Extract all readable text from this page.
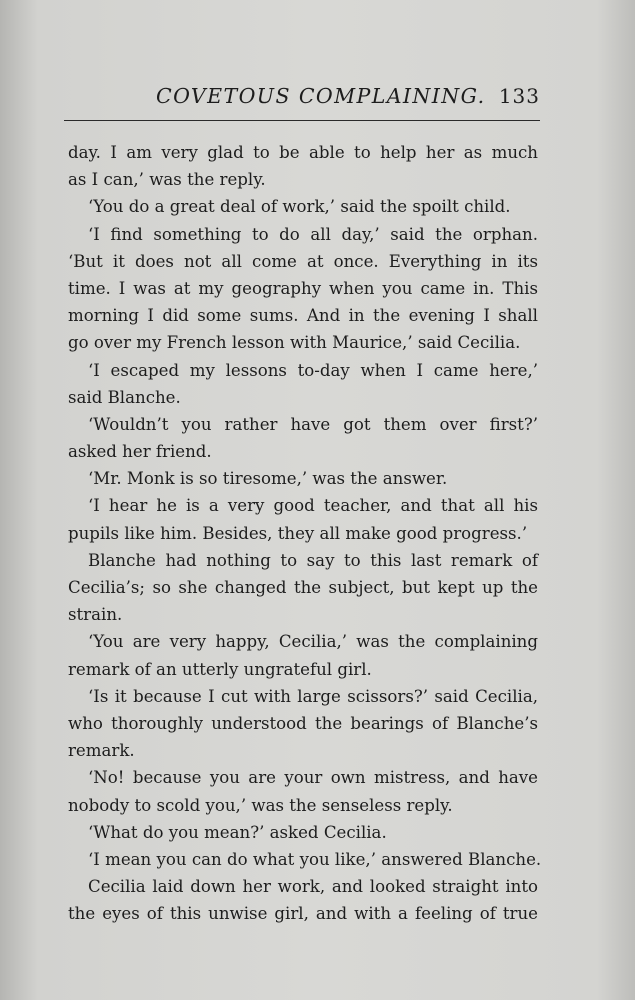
COVETOUS COMPLAINING. 133
day. I am very glad to be able to help her as much
as I can,’ was the reply.
‘You do a great deal of work,’ said the spoilt child.
‘I find something to do all day,’ said the orphan.
‘But it does not all come at once. Everything in its
time. I was at my geography when you came in. This
morning I did some sums. And in the evening I shall
go over my French lesson with Maurice,’ said Cecilia.
‘I escaped my lessons to-day when I came here,’
said Blanche.
‘Wouldn’t you rather have got them over first?’
asked her friend.
‘Mr. Monk is so tiresome,’ was the answer.
‘I hear he is a very good teacher, and that all his
pupils like him. Besides, they all make good progress.’
Blanche had nothing to say to this last remark of
Cecilia’s; so she changed the subject, but kept up the
strain.
‘You are very happy, Cecilia,’ was the complaining
remark of an utterly ungrateful girl.
‘Is it because I cut with large scissors?’ said Cecilia,
who thoroughly understood the bearings of Blanche’s
remark.
‘No! because you are your own mistress, and have
nobody to scold you,’ was the senseless reply.
‘What do you mean?’ asked Cecilia.
‘I mean you can do what you like,’ answered Blanche.
Cecilia laid down her work, and looked straight into
the eyes of this unwise girl, and with a feeling of true
